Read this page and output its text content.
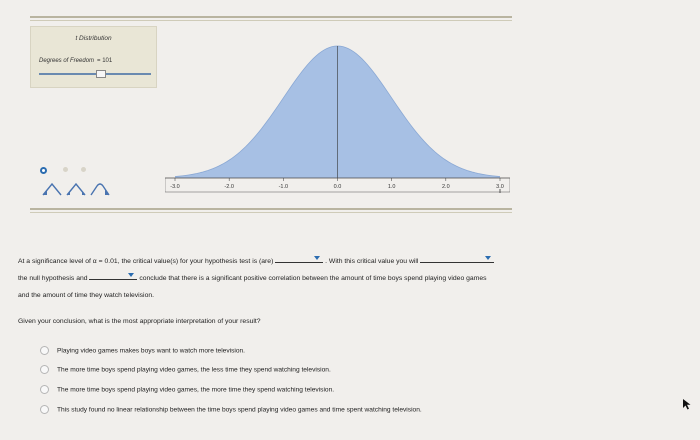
t Distribution
Degrees of Freedom = 101
-3.0	-2.0	-1.0	0.0	1.0	2.0	3.0
At a significance level of α = 0.01, the critical value(s) for your hypothesis test is (are)	. With this critical value you will
the null hypothesis and	conclude that there is a significant positive correlation between the amount of time boys spend playing video games
and the amount of time they watch television.
Given your conclusion, what is the most appropriate interpretation of your result?
Playing video games makes boys want to watch more television.
The more time boys spend playing video games, the less time they spend watching television.
The more time boys spend playing video games, the more time they spend watching television.
This study found no linear relationship between the time boys spend playing video games and time spent watching television.
